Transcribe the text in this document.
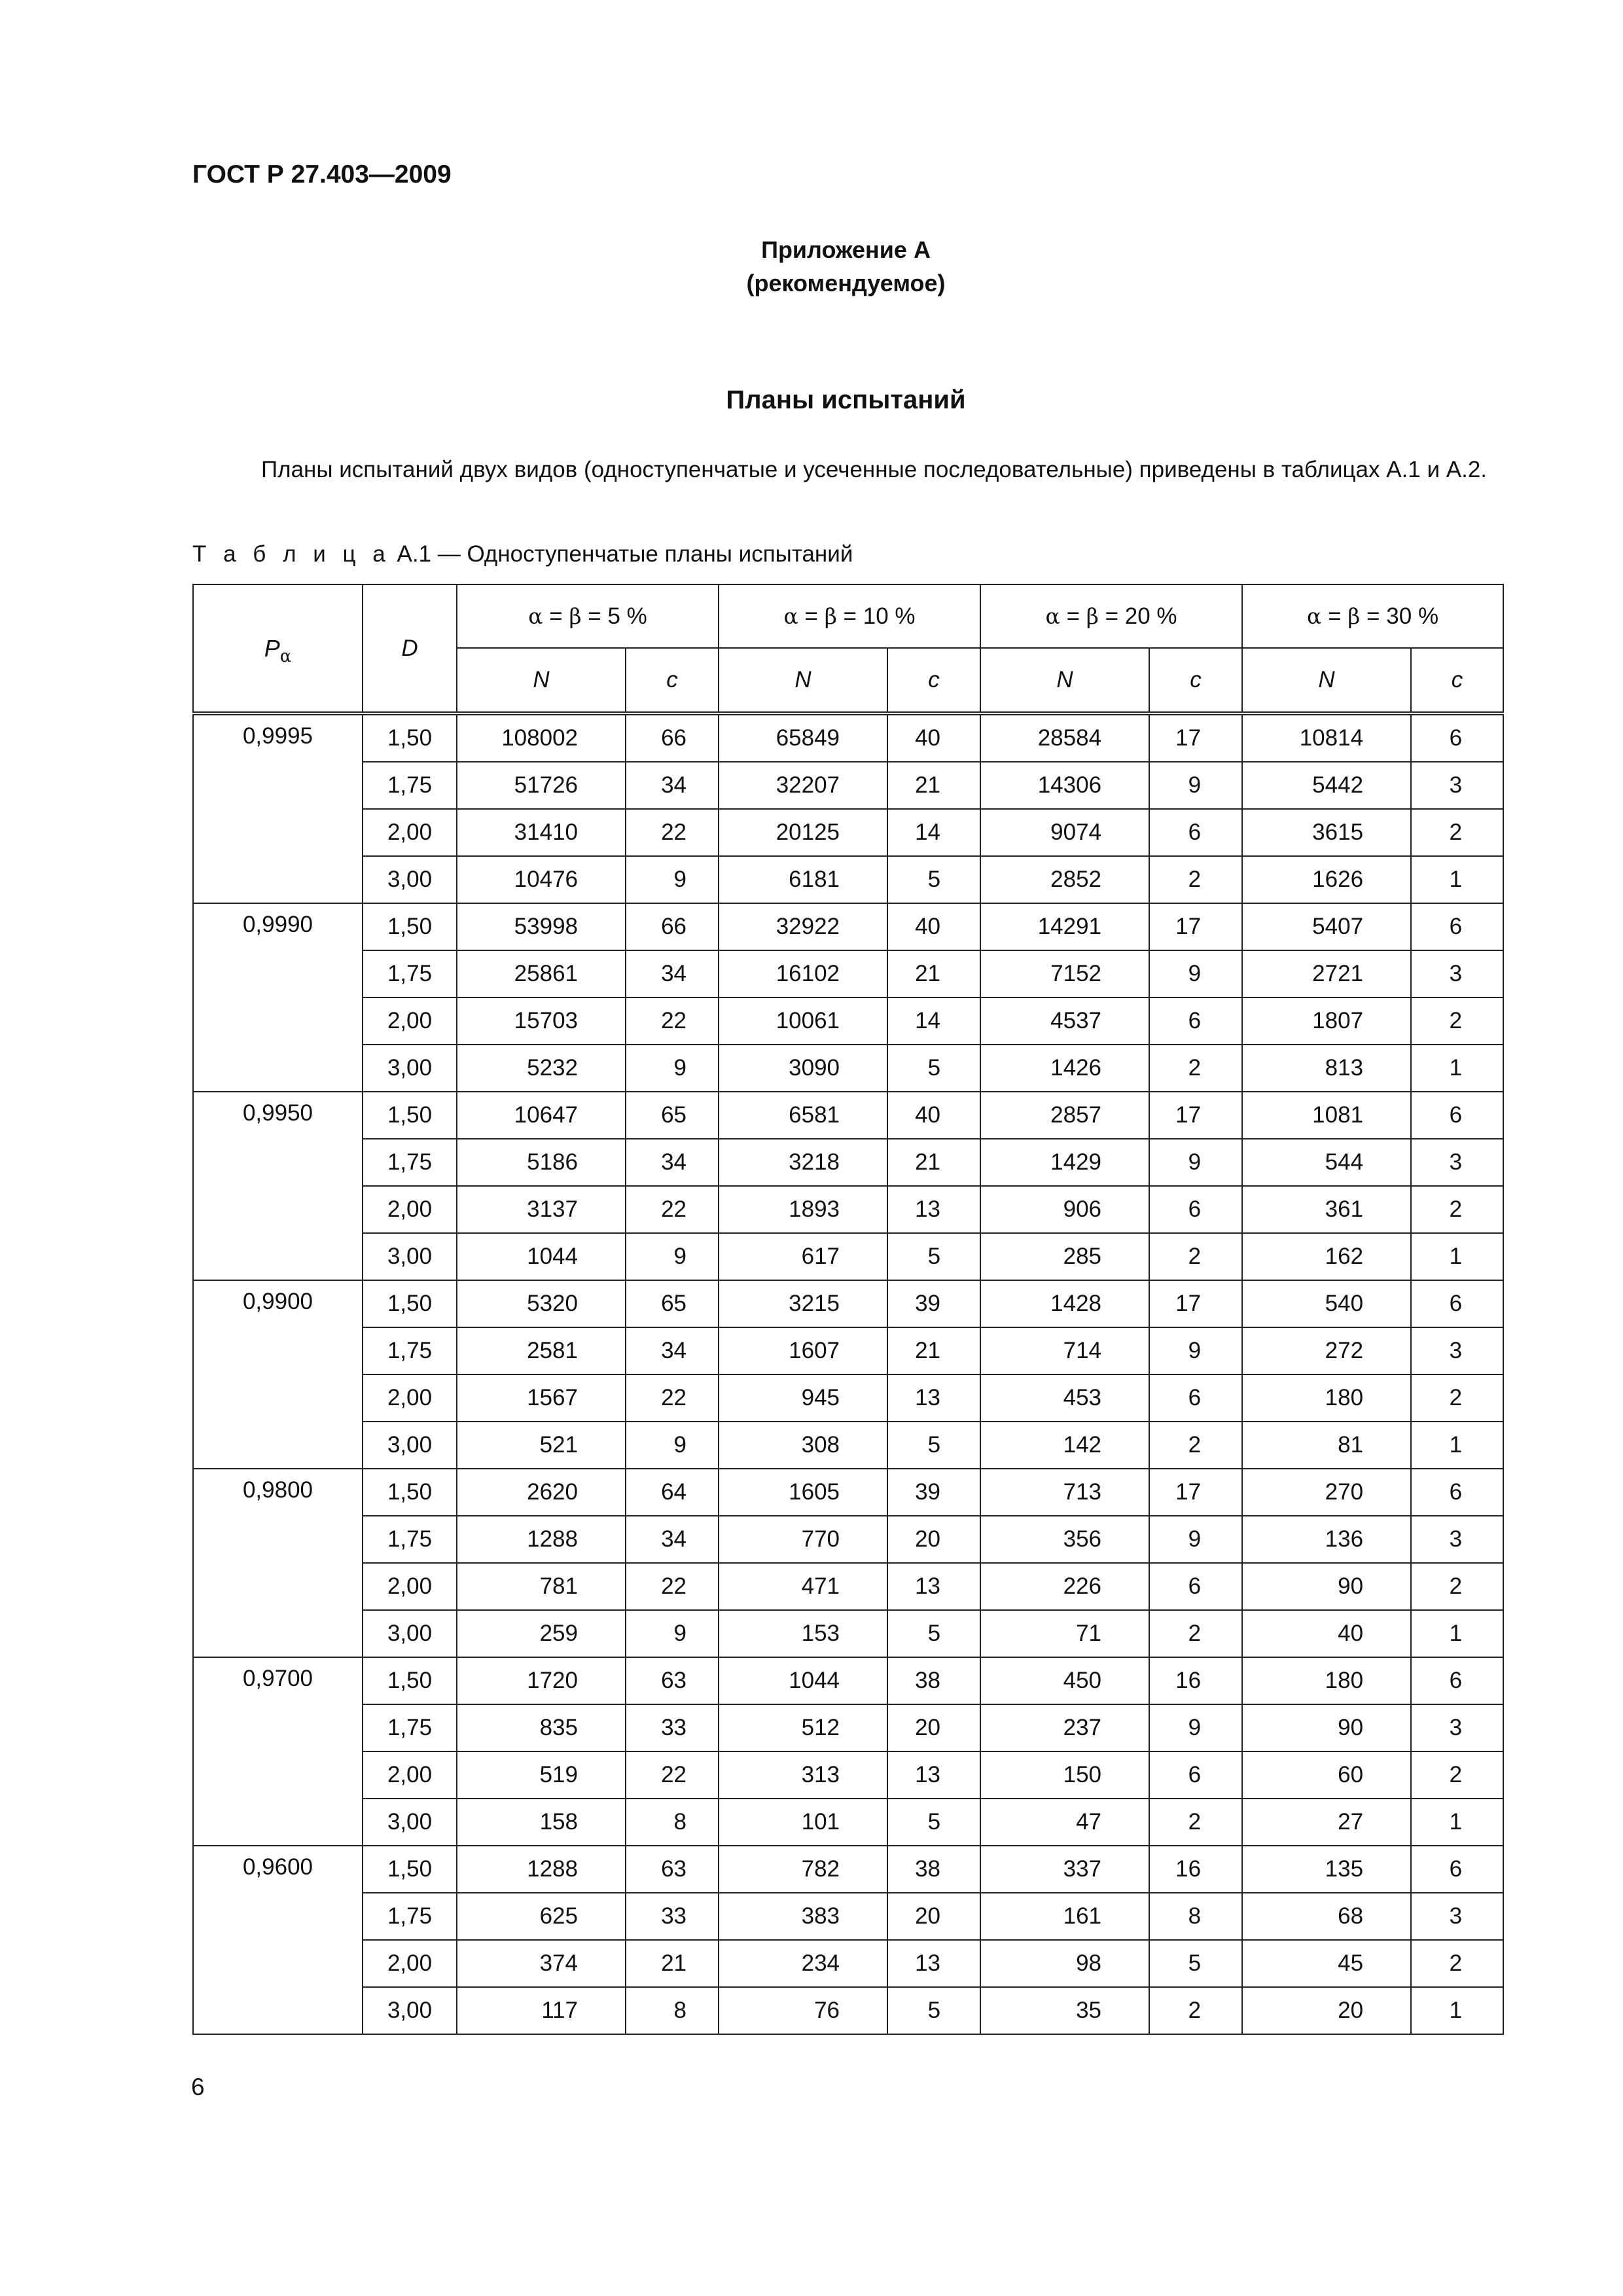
ГОСТ Р 27.403—2009
Приложение А
(рекомендуемое)
Планы испытаний

Планы испытаний двух видов (одноступенчатые и усеченные последовательные) приведены в таблицах А.1 и А.2.

Т а б л и ц а А.1 — Одноступенчатые планы испытаний
$P_\alpha$	D	α = β = 5 %		α = β = 10 %		α = β = 20 %		α = β = 30 %	
		N	c	N	c	N	c	N	c
0,9995	1,50	108002	66	65849	40	28584	17	10814	6
	1,75	51726	34	32207	21	14306	9	5442	3
	2,00	31410	22	20125	14	9074	6	3615	2
	3,00	10476	9	6181	5	2852	2	1626	1
0,9990	1,50	53998	66	32922	40	14291	17	5407	6
	1,75	25861	34	16102	21	7152	9	2721	3
	2,00	15703	22	10061	14	4537	6	1807	2
	3,00	5232	9	3090	5	1426	2	813	1
0,9950	1,50	10647	65	6581	40	2857	17	1081	6
	1,75	5186	34	3218	21	1429	9	544	3
	2,00	3137	22	1893	13	906	6	361	2
	3,00	1044	9	617	5	285	2	162	1
0,9900	1,50	5320	65	3215	39	1428	17	540	6
	1,75	2581	34	1607	21	714	9	272	3
	2,00	1567	22	945	13	453	6	180	2
	3,00	521	9	308	5	142	2	81	1
0,9800	1,50	2620	64	1605	39	713	17	270	6
	1,75	1288	34	770	20	356	9	136	3
	2,00	781	22	471	13	226	6	90	2
	3,00	259	9	153	5	71	2	40	1
0,9700	1,50	1720	63	1044	38	450	16	180	6
	1,75	835	33	512	20	237	9	90	3
	2,00	519	22	313	13	150	6	60	2
	3,00	158	8	101	5	47	2	27	1
0,9600	1,50	1288	63	782	38	337	16	135	6
	1,75	625	33	383	20	161	8	68	3
	2,00	374	21	234	13	98	5	45	2
	3,00	117	8	76	5	35	2	20	1
6
